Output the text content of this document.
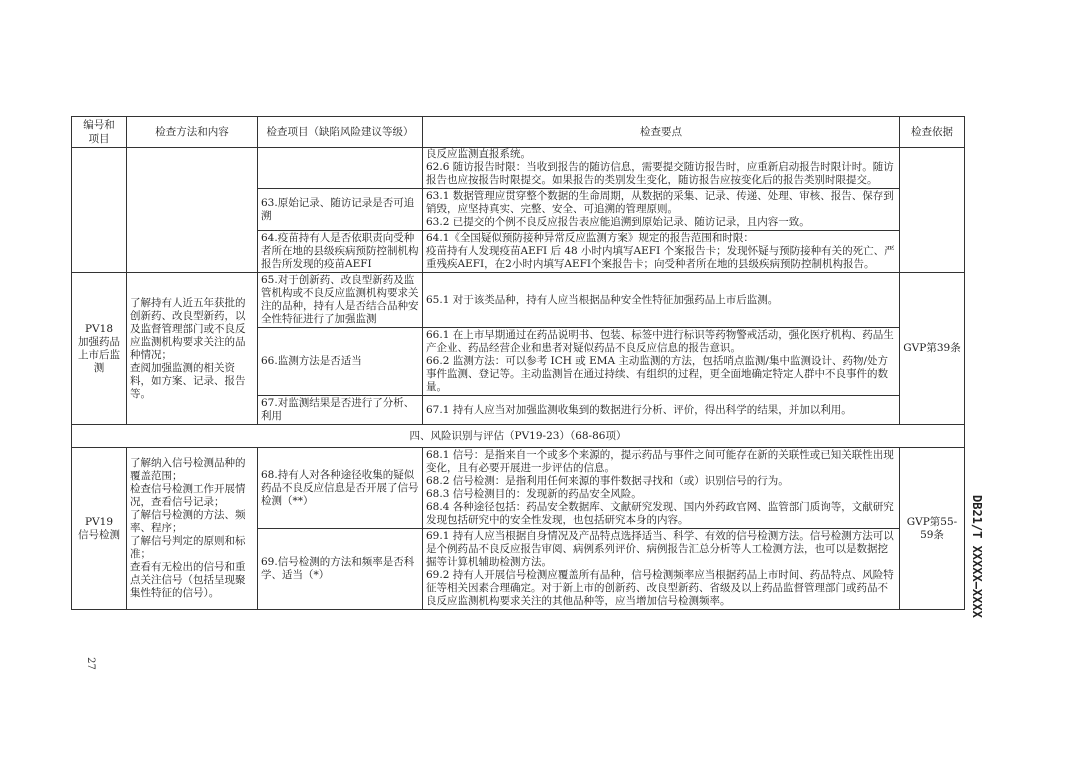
编号和项目	检查方法和内容	检查项目（缺陷风险建议等级）	检查要点	检查依据

			良反应监测直报系统。
62.6 随访报告时限：当收到报告的随访信息，需要提交随访报告时，应重新启动报告时限计时。随访报告也应按报告时限提交。如果报告的类别发生变化，随访报告应按变化后的报告类别时限提交。	

		63.原始记录、随访记录是否可追溯	63.1 数据管理应贯穿整个数据的生命周期，从数据的采集、记录、传递、处理、审核、报告、保存到销毁，应坚持真实、完整、安全、可追溯的管理原则。
63.2 已提交的个例不良反应报告表应能追溯到原始记录、随访记录，且内容一致。	

		64.疫苗持有人是否依职责向受种者所在地的县级疾病预防控制机构报告所发现的疫苗AEFI	64.1《全国疑似预防接种异常反应监测方案》规定的报告范围和时限：
疫苗持有人发现疫苗AEFI 后 48 小时内填写AEFI 个案报告卡；发现怀疑与预防接种有关的死亡、严重残疾AEFI，在2小时内填写AEFI个案报告卡；向受种者所在地的县级疾病预防控制机构报告。	

PV18
加强药品上市后监测	了解持有人近五年获批的创新药、改良型新药，以及监督管理部门或不良反应监测机构要求关注的品种情况；
查阅加强监测的相关资料，如方案、记录、报告等。	65.对于创新药、改良型新药及监管机构或不良反应监测机构要求关注的品种，持有人是否结合品种安全性特征进行了加强监测	65.1 对于该类品种，持有人应当根据品种安全性特征加强药品上市后监测。	GVP第39条
		66.监测方法是否适当	66.1 在上市早期通过在药品说明书、包装、标签中进行标识等药物警戒活动，强化医疗机构、药品生产企业、药品经营企业和患者对疑似药品不良反应信息的报告意识。
66.2 监测方法：可以参考 ICH 或 EMA 主动监测的方法，包括哨点监测/集中监测设计、药物/处方事件监测、登记等。主动监测旨在通过持续、有组织的过程，更全面地确定特定人群中不良事件的数量。	

		67.对监测结果是否进行了分析、利用	67.1 持有人应当对加强监测收集到的数据进行分析、评价，得出科学的结果，并加以利用。	
四、风险识别与评估（PV19-23）（68-86项）				

PV19
信号检测	了解纳入信号检测品种的覆盖范围；
检查信号检测工作开展情况，查看信号记录；
了解信号检测的方法、频率、程序；
了解信号判定的原则和标准；
查看有无检出的信号和重点关注信号（包括呈现聚集性特征的信号）。	68.持有人对各种途径收集的疑似药品不良反应信息是否开展了信号检测（**）	68.1 信号：是指来自一个或多个来源的，提示药品与事件之间可能存在新的关联性或已知关联性出现变化，且有必要开展进一步评估的信息。
68.2 信号检测：是指利用任何来源的事件数据寻找和（或）识别信号的行为。
68.3 信号检测目的：发现新的药品安全风险。
68.4 各种途径包括：药品安全数据库、文献研究发现、国内外药政官网、监管部门质询等，文献研究发现包括研究中的安全性发现，也包括研究本身的内容。	GVP第55-59条
		69.信号检测的方法和频率是否科学、适当（*）	69.1 持有人应当根据自身情况及产品特点选择适当、科学、有效的信号检测方法。信号检测方法可以是个例药品不良反应报告审阅、病例系列评价、病例报告汇总分析等人工检测方法，也可以是数据挖掘等计算机辅助检测方法。
69.2 持有人开展信号检测应覆盖所有品种，信号检测频率应当根据药品上市时间、药品特点、风险特征等相关因素合理确定。对于新上市的创新药、改良型新药、省级及以上药品监督管理部门或药品不良反应监测机构要求关注的其他品种等，应当增加信号检测频率。		DB21/T XXXXX—XXXX
27
